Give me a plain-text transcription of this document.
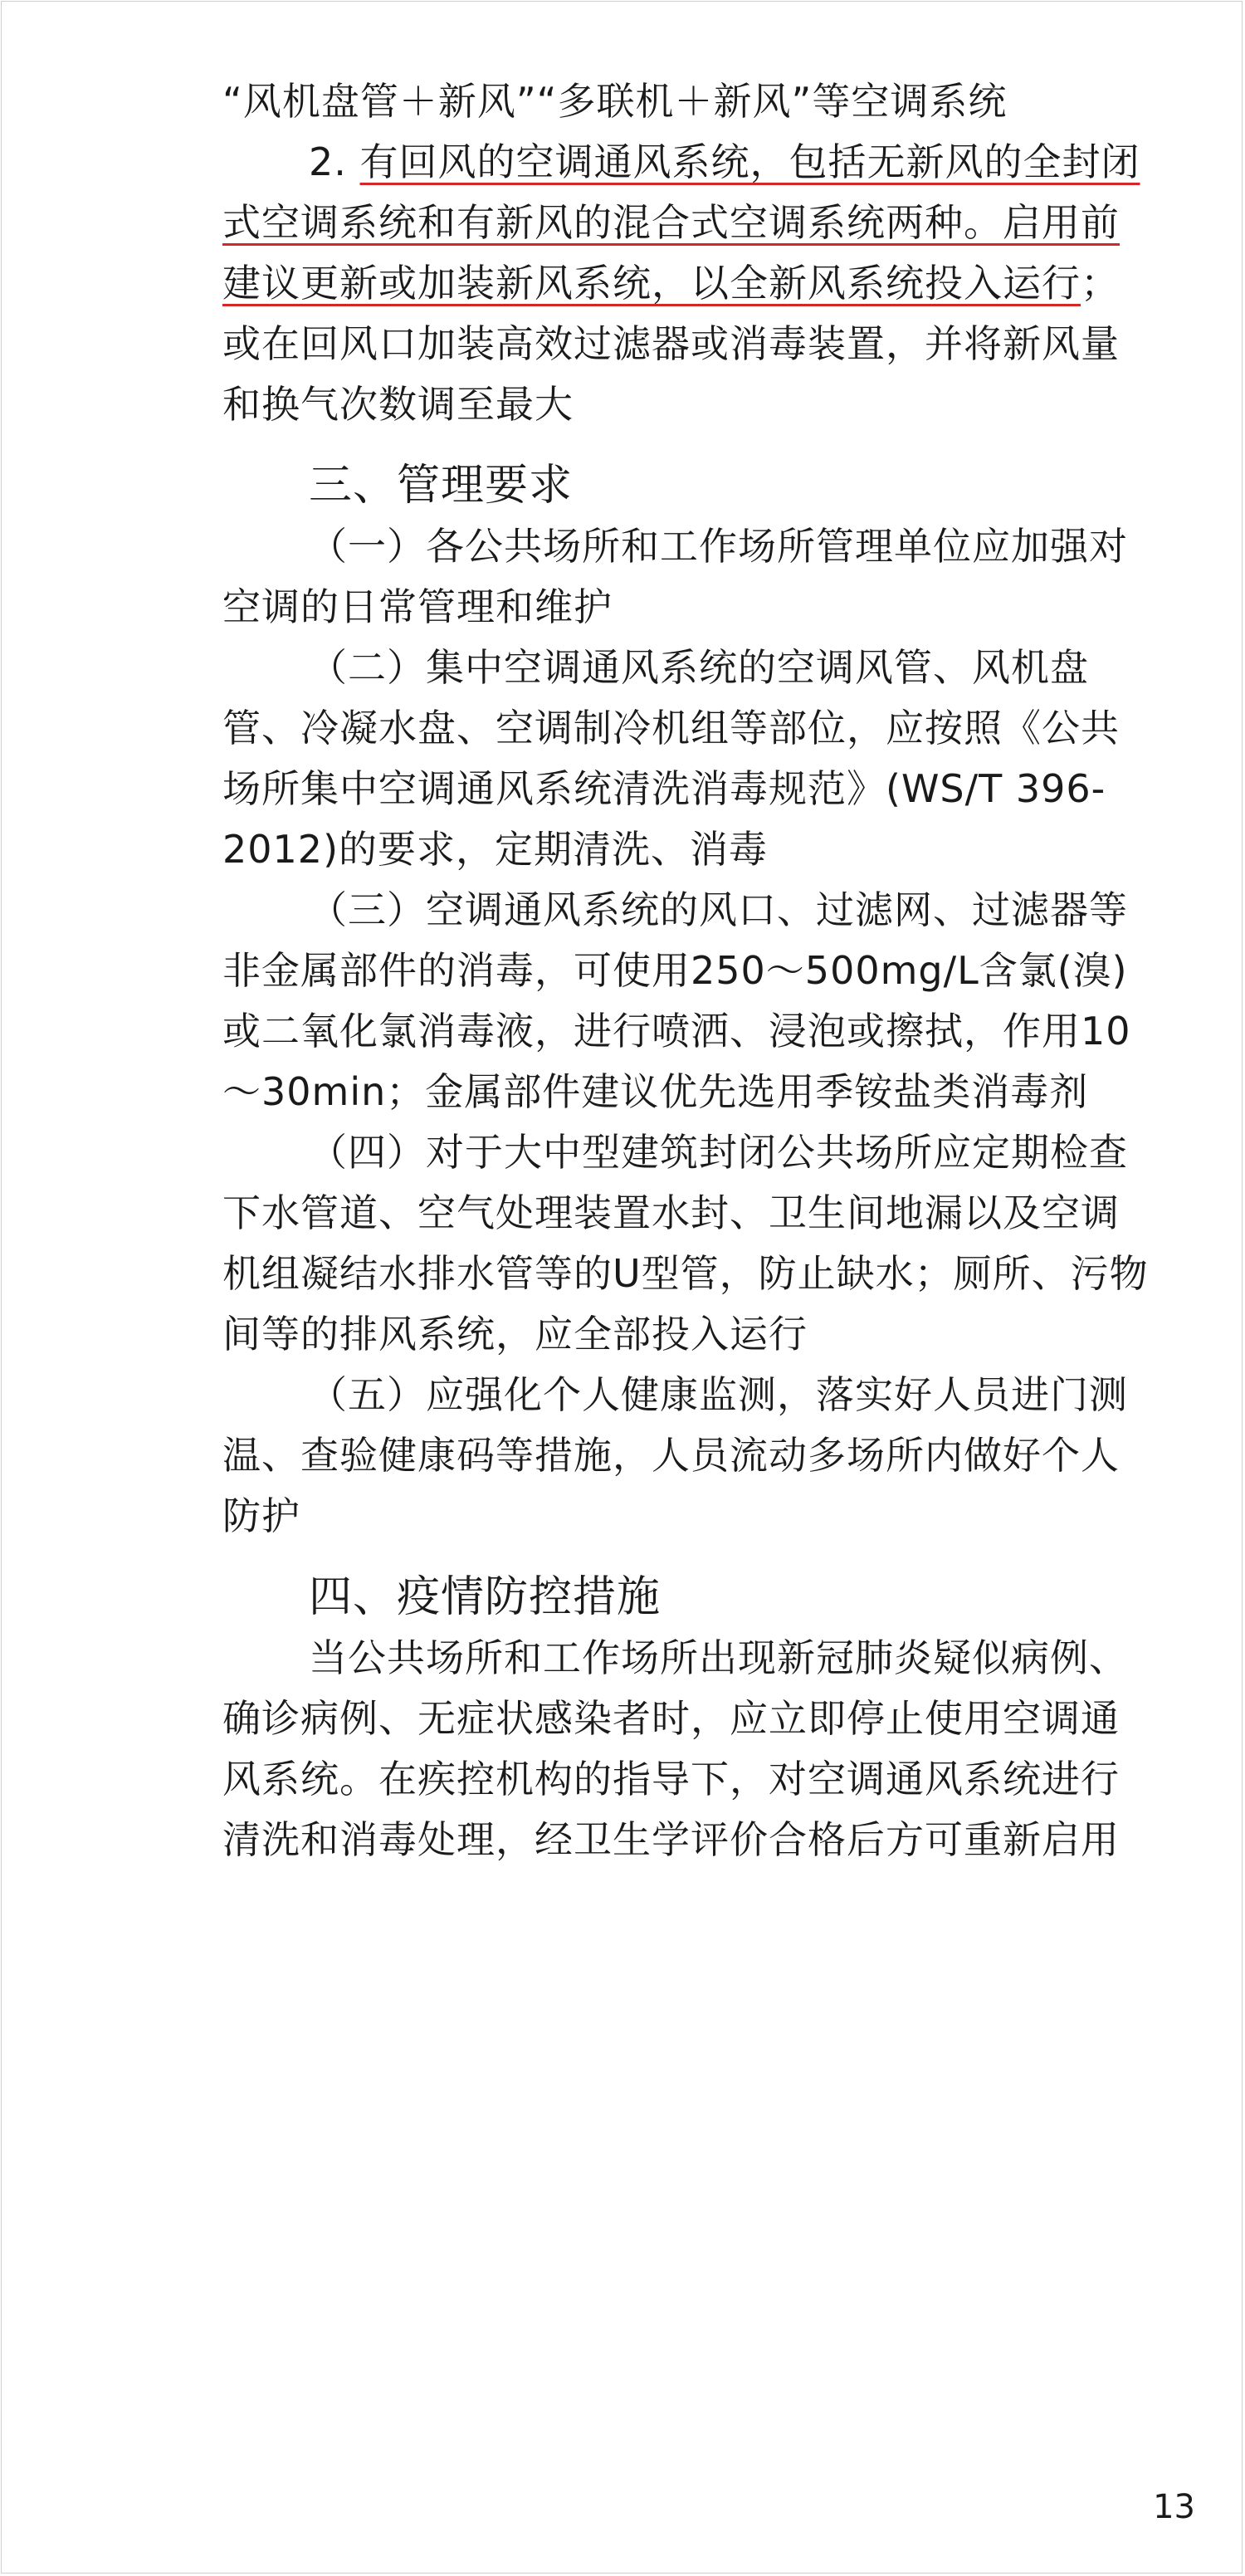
“风机盘管＋新风”“多联机＋新风”等空调系统

2. 有回风的空调通风系统，包括无新风的全封闭式空调系统和有新风的混合式空调系统两种。启用前建议更新或加装新风系统，以全新风系统投入运行；或在回风口加装高效过滤器或消毒装置，并将新风量和换气次数调至最大

三、管理要求

（一）各公共场所和工作场所管理单位应加强对空调的日常管理和维护

（二）集中空调通风系统的空调风管、风机盘管、冷凝水盘、空调制冷机组等部位，应按照《公共场所集中空调通风系统清洗消毒规范》(WS/T 396-2012)的要求，定期清洗、消毒

（三）空调通风系统的风口、过滤网、过滤器等非金属部件的消毒，可使用250～500mg/L含氯(溴)或二氧化氯消毒液，进行喷洒、浸泡或擦拭，作用10～30min；金属部件建议优先选用季铵盐类消毒剂

（四）对于大中型建筑封闭公共场所应定期检查下水管道、空气处理装置水封、卫生间地漏以及空调机组凝结水排水管等的U型管，防止缺水；厕所、污物间等的排风系统，应全部投入运行

（五）应强化个人健康监测，落实好人员进门测温、查验健康码等措施，人员流动多场所内做好个人防护

四、疫情防控措施

当公共场所和工作场所出现新冠肺炎疑似病例、确诊病例、无症状感染者时，应立即停止使用空调通风系统。在疾控机构的指导下，对空调通风系统进行清洗和消毒处理，经卫生学评价合格后方可重新启用

13
